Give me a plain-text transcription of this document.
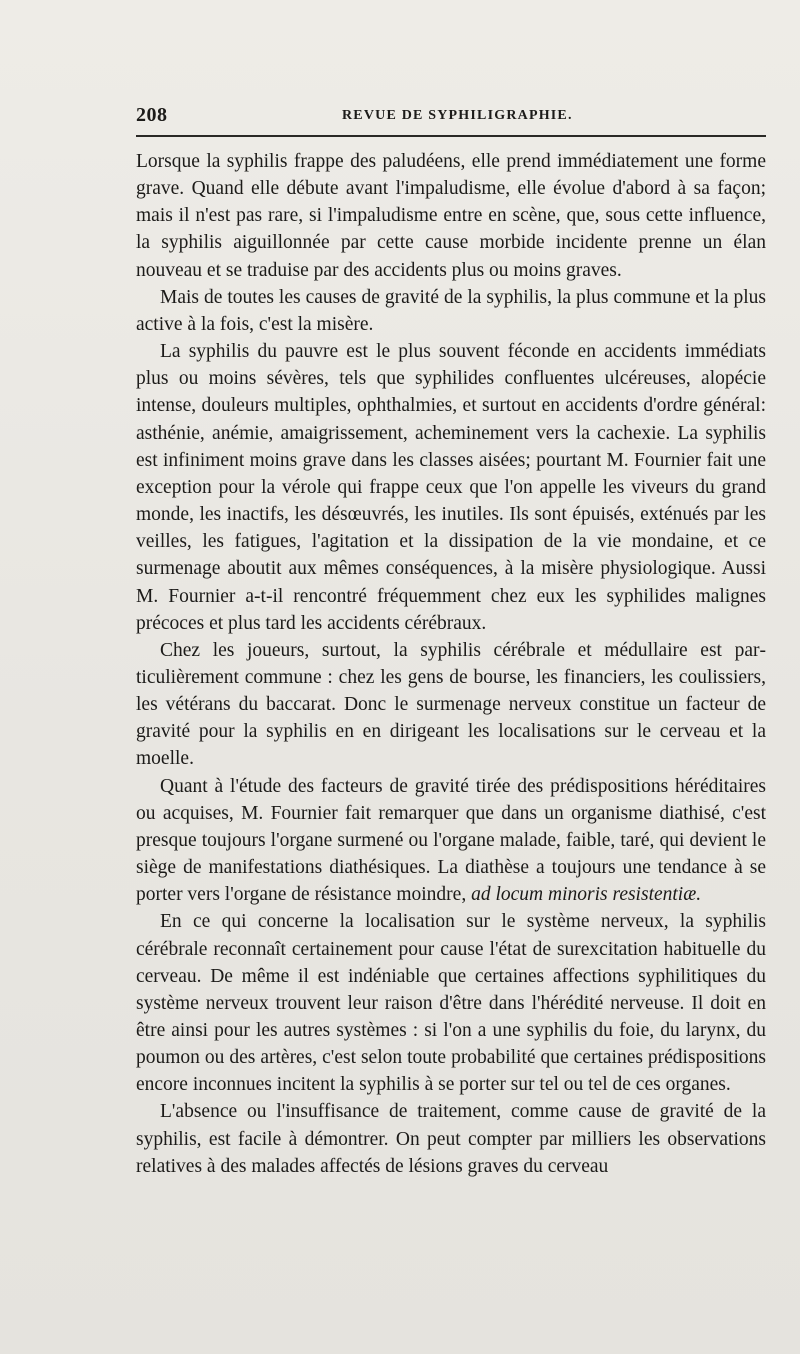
208	REVUE DE SYPHILIGRAPHIE.

Lorsque la syphilis frappe des paludéens, elle prend immédiatement une forme grave. Quand elle débute avant l'impaludisme, elle évolue d'abord à sa façon; mais il n'est pas rare, si l'impaludisme entre en scène, que, sous cette influence, la syphilis aiguillonnée par cette cause morbide incidente prenne un élan nouveau et se traduise par des accidents plus ou moins graves.

Mais de toutes les causes de gravité de la syphilis, la plus commune et la plus active à la fois, c'est la misère.

La syphilis du pauvre est le plus souvent féconde en accidents immédiats plus ou moins sévères, tels que syphilides confluentes ulcéreuses, alopécie intense, douleurs multiples, ophthalmies, et surtout en accidents d'ordre général: asthénie, anémie, amaigrissement, acheminement vers la cachexie. La syphilis est infiniment moins grave dans les classes aisées; pourtant M. Fournier fait une exception pour la vérole qui frappe ceux que l'on appelle les viveurs du grand monde, les inactifs, les désœuvrés, les inutiles. Ils sont épuisés, exténués par les veilles, les fatigues, l'agitation et la dissipation de la vie mondaine, et ce surmenage aboutit aux mêmes conséquences, à la misère physiologique. Aussi M. Fournier a-t-il rencontré fréquemment chez eux les syphilides malignes précoces et plus tard les accidents cérébraux.

Chez les joueurs, surtout, la syphilis cérébrale et médullaire est particulièrement commune : chez les gens de bourse, les financiers, les coulissiers, les vétérans du baccarat. Donc le surmenage nerveux constitue un facteur de gravité pour la syphilis en en dirigeant les localisations sur le cerveau et la moelle.

Quant à l'étude des facteurs de gravité tirée des prédispositions héréditaires ou acquises, M. Fournier fait remarquer que dans un organisme diathisé, c'est presque toujours l'organe surmené ou l'organe malade, faible, taré, qui devient le siège de manifestations diathésiques. La diathèse a toujours une tendance à se porter vers l'organe de résistance moindre, ad locum minoris resistentiæ.

En ce qui concerne la localisation sur le système nerveux, la syphilis cérébrale reconnaît certainement pour cause l'état de surexcitation habituelle du cerveau. De même il est indéniable que certaines affections syphilitiques du système nerveux trouvent leur raison d'être dans l'hérédité nerveuse. Il doit en être ainsi pour les autres systèmes : si l'on a une syphilis du foie, du larynx, du poumon ou des artères, c'est selon toute probabilité que certaines prédispositions encore inconnues incitent la syphilis à se porter sur tel ou tel de ces organes.

L'absence ou l'insuffisance de traitement, comme cause de gravité de la syphilis, est facile à démontrer. On peut compter par milliers les observations relatives à des malades affectés de lésions graves du cerveau
